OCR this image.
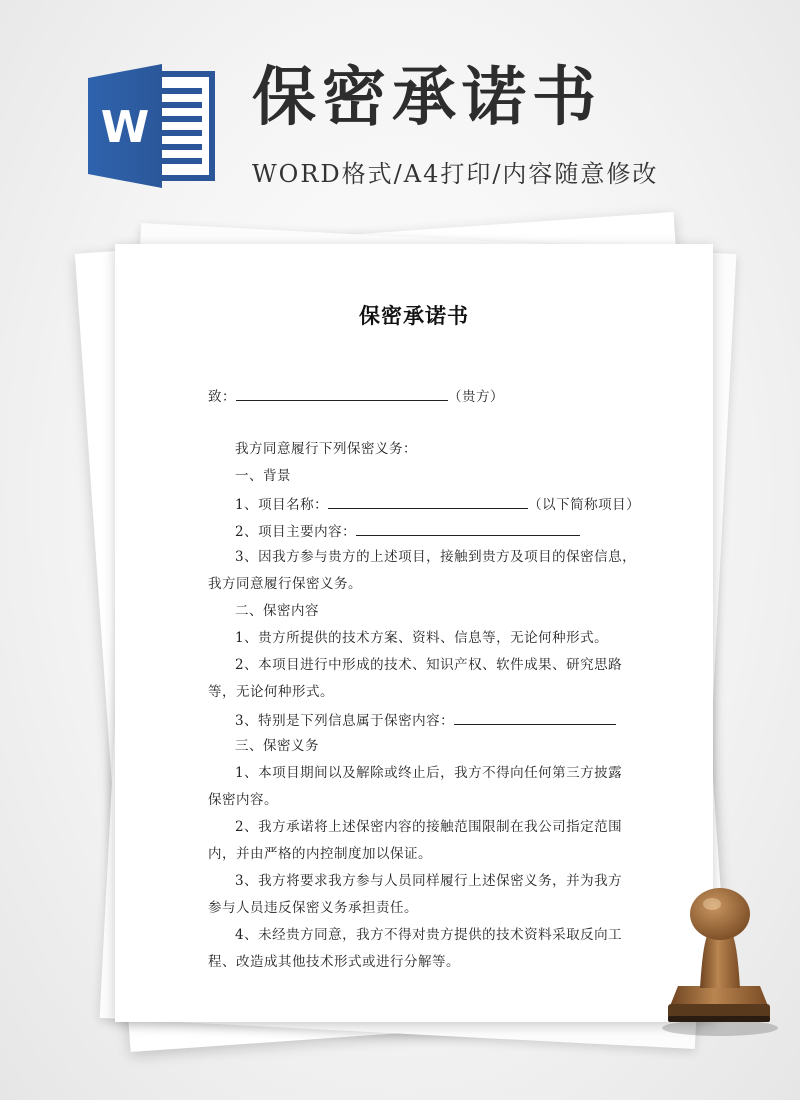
W 保密承诺书
WORD格式/A4打印/内容随意修改
保密承诺书
致：	（贵方）
我方同意履行下列保密义务：
一、背景
1、项目名称：	（以下简称项目）
2、项目主要内容：
3、因我方参与贵方的上述项目，接触到贵方及项目的保密信息，
我方同意履行保密义务。
二、保密内容
1、贵方所提供的技术方案、资料、信息等，无论何种形式。
2、本项目进行中形成的技术、知识产权、软件成果、研究思路
等，无论何种形式。
3、特别是下列信息属于保密内容：
三、保密义务
1、本项目期间以及解除或终止后，我方不得向任何第三方披露
保密内容。
2、我方承诺将上述保密内容的接触范围限制在我公司指定范围
内，并由严格的内控制度加以保证。
3、我方将要求我方参与人员同样履行上述保密义务，并为我方
参与人员违反保密义务承担责任。
4、未经贵方同意，我方不得对贵方提供的技术资料采取反向工
程、改造成其他技术形式或进行分解等。
